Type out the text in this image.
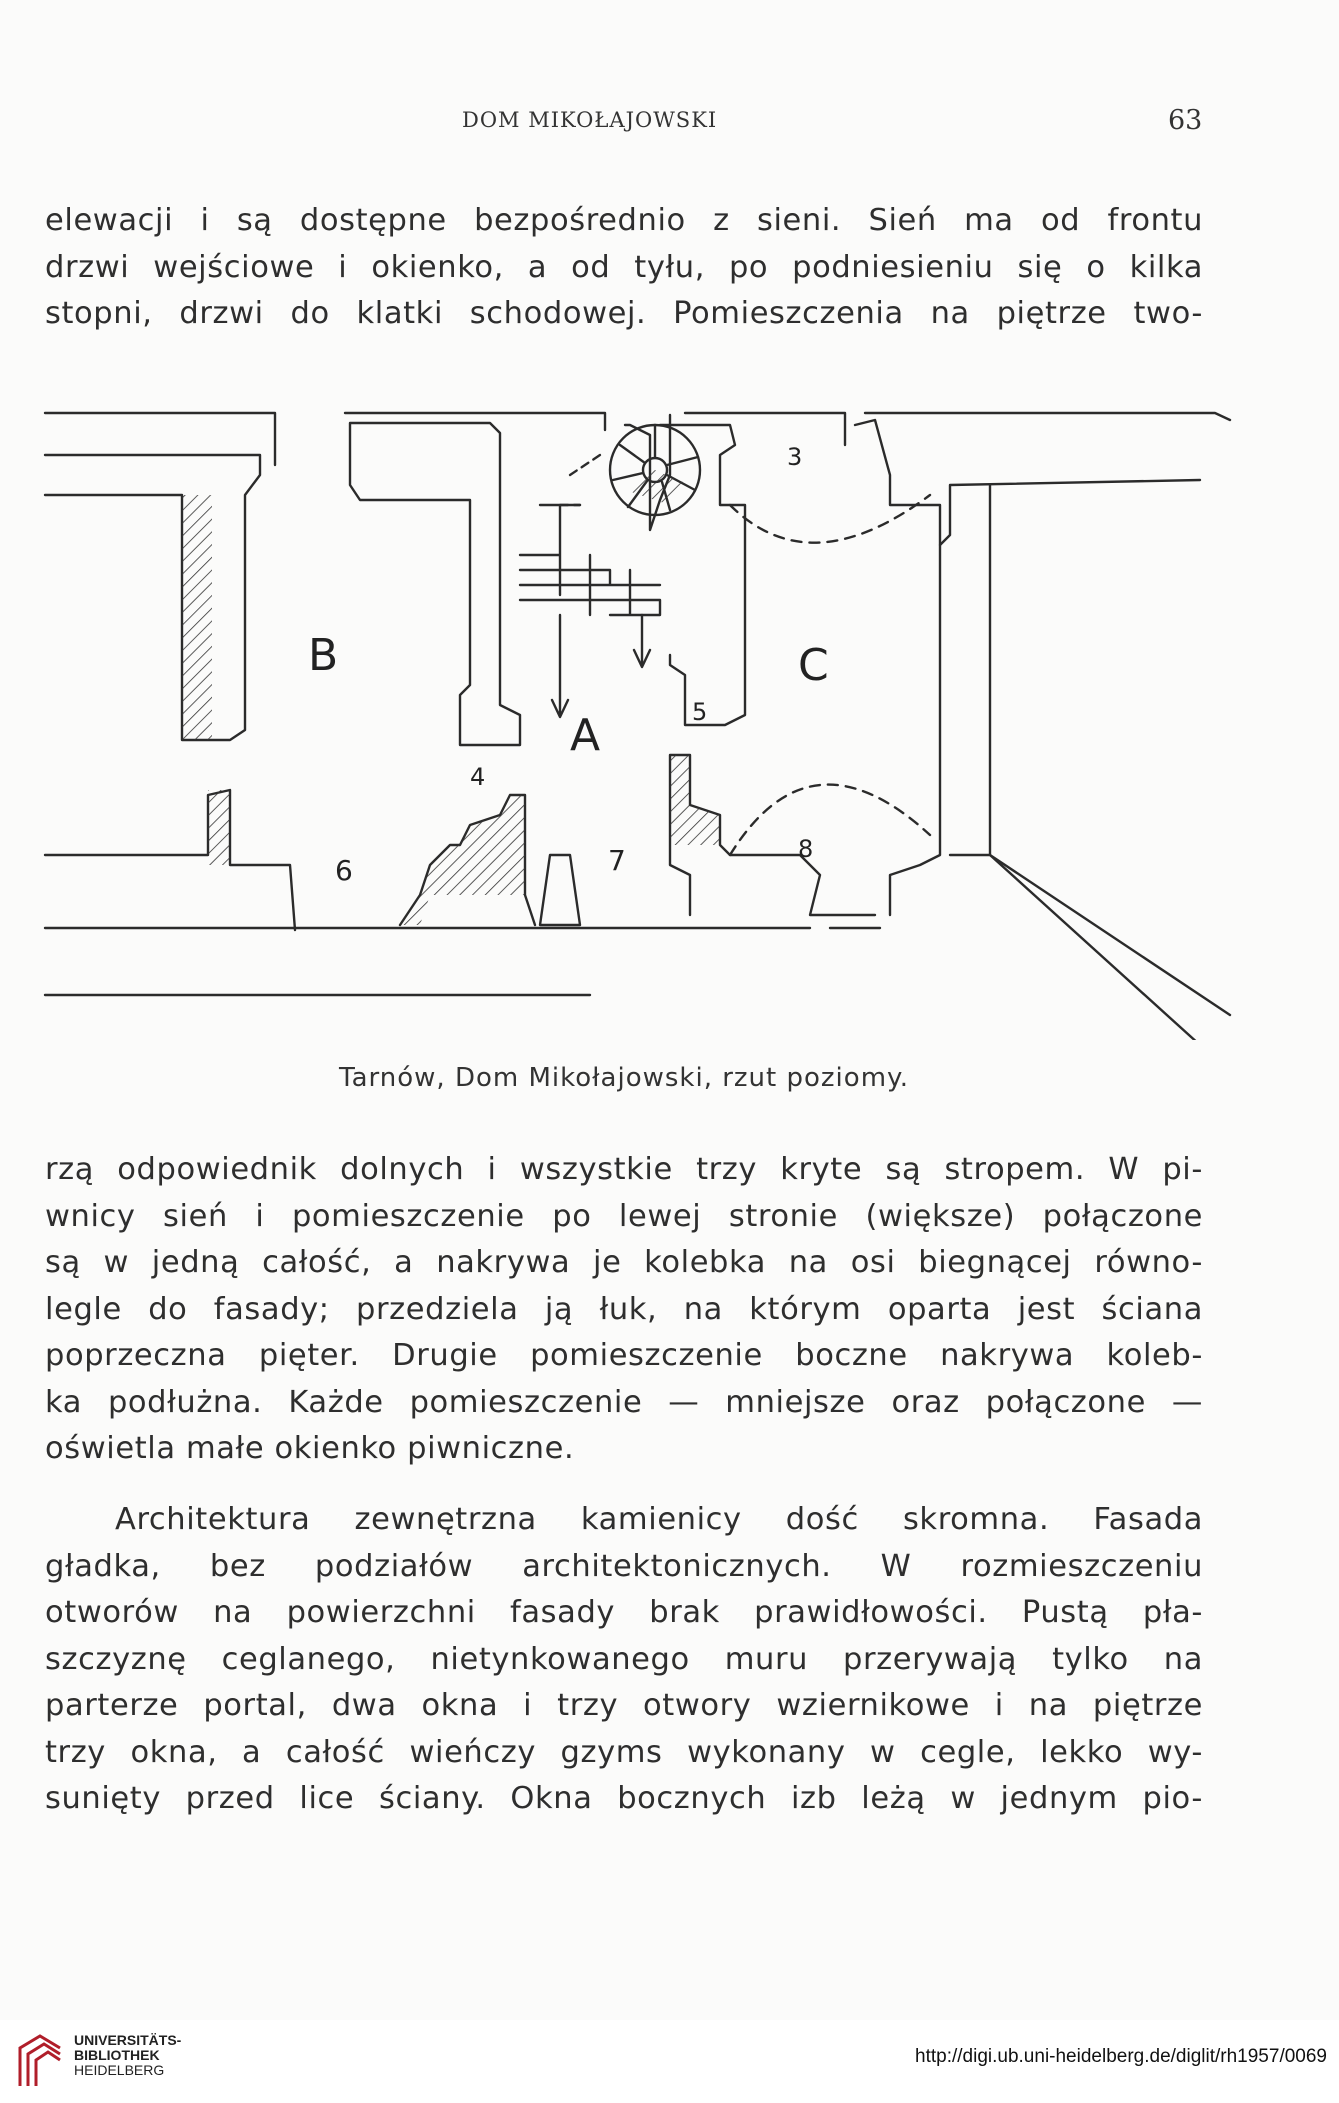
DOM MIKOŁAJOWSKI	63

elewacji i są dostępne bezpośrednio z sieni. Sień ma od frontu
drzwi wejściowe i okienko, a od tyłu, po podniesieniu się o kilka
stopni, drzwi do klatki schodowej. Pomieszczenia na piętrze two-

B
A
C
3
4
5
6	7	8
Tarnów, Dom Mikołajowski, rzut poziomy.

rzą odpowiednik dolnych i wszystkie trzy kryte są stropem. W pi-
wnicy sień i pomieszczenie po lewej stronie (większe) połączone
są w jedną całość, a nakrywa je kolebka na osi biegnącej równo-
legle do fasady; przedziela ją łuk, na którym oparta jest ściana
poprzeczna pięter. Drugie pomieszczenie boczne nakrywa koleb-
ka podłużna. Każde pomieszczenie — mniejsze oraz połączone —
oświetla małe okienko piwniczne.

Architektura zewnętrzna kamienicy dość skromna. Fasada
gładka, bez podziałów architektonicznych. W rozmieszczeniu
otworów na powierzchni fasady brak prawidłowości. Pustą pła-
szczyznę ceglanego, nietynkowanego muru przerywają tylko na
parterze portal, dwa okna i trzy otwory wziernikowe i na piętrze
trzy okna, a całość wieńczy gzyms wykonany w cegle, lekko wy-
sunięty przed lice ściany. Okna bocznych izb leżą w jednym pio-

UNIVERSITÄTS-
BIBLIOTHEK
HEIDELBERG
http://digi.ub.uni-heidelberg.de/diglit/rh1957/0069
